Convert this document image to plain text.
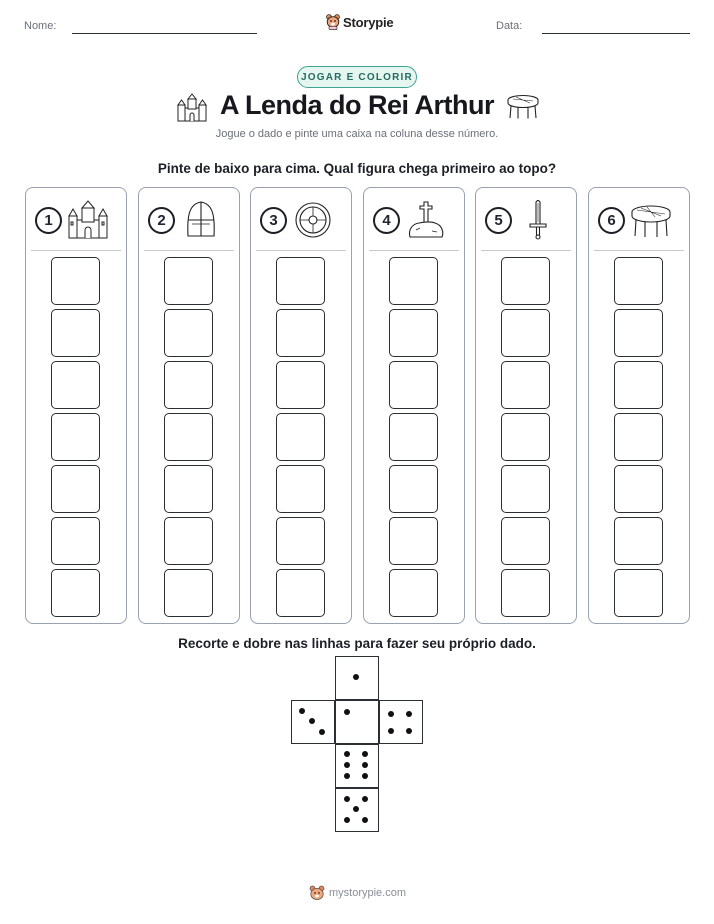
Nome:	Storypie	Data:
JOGAR E COLORIR
A Lenda do Rei Arthur
Jogue o dado e pinte uma caixa na coluna desse número.
Pinte de baixo para cima. Qual figura chega primeiro ao topo?
1	2	3	4	5	6
Recorte e dobre nas linhas para fazer seu próprio dado.
mystorypie.com
